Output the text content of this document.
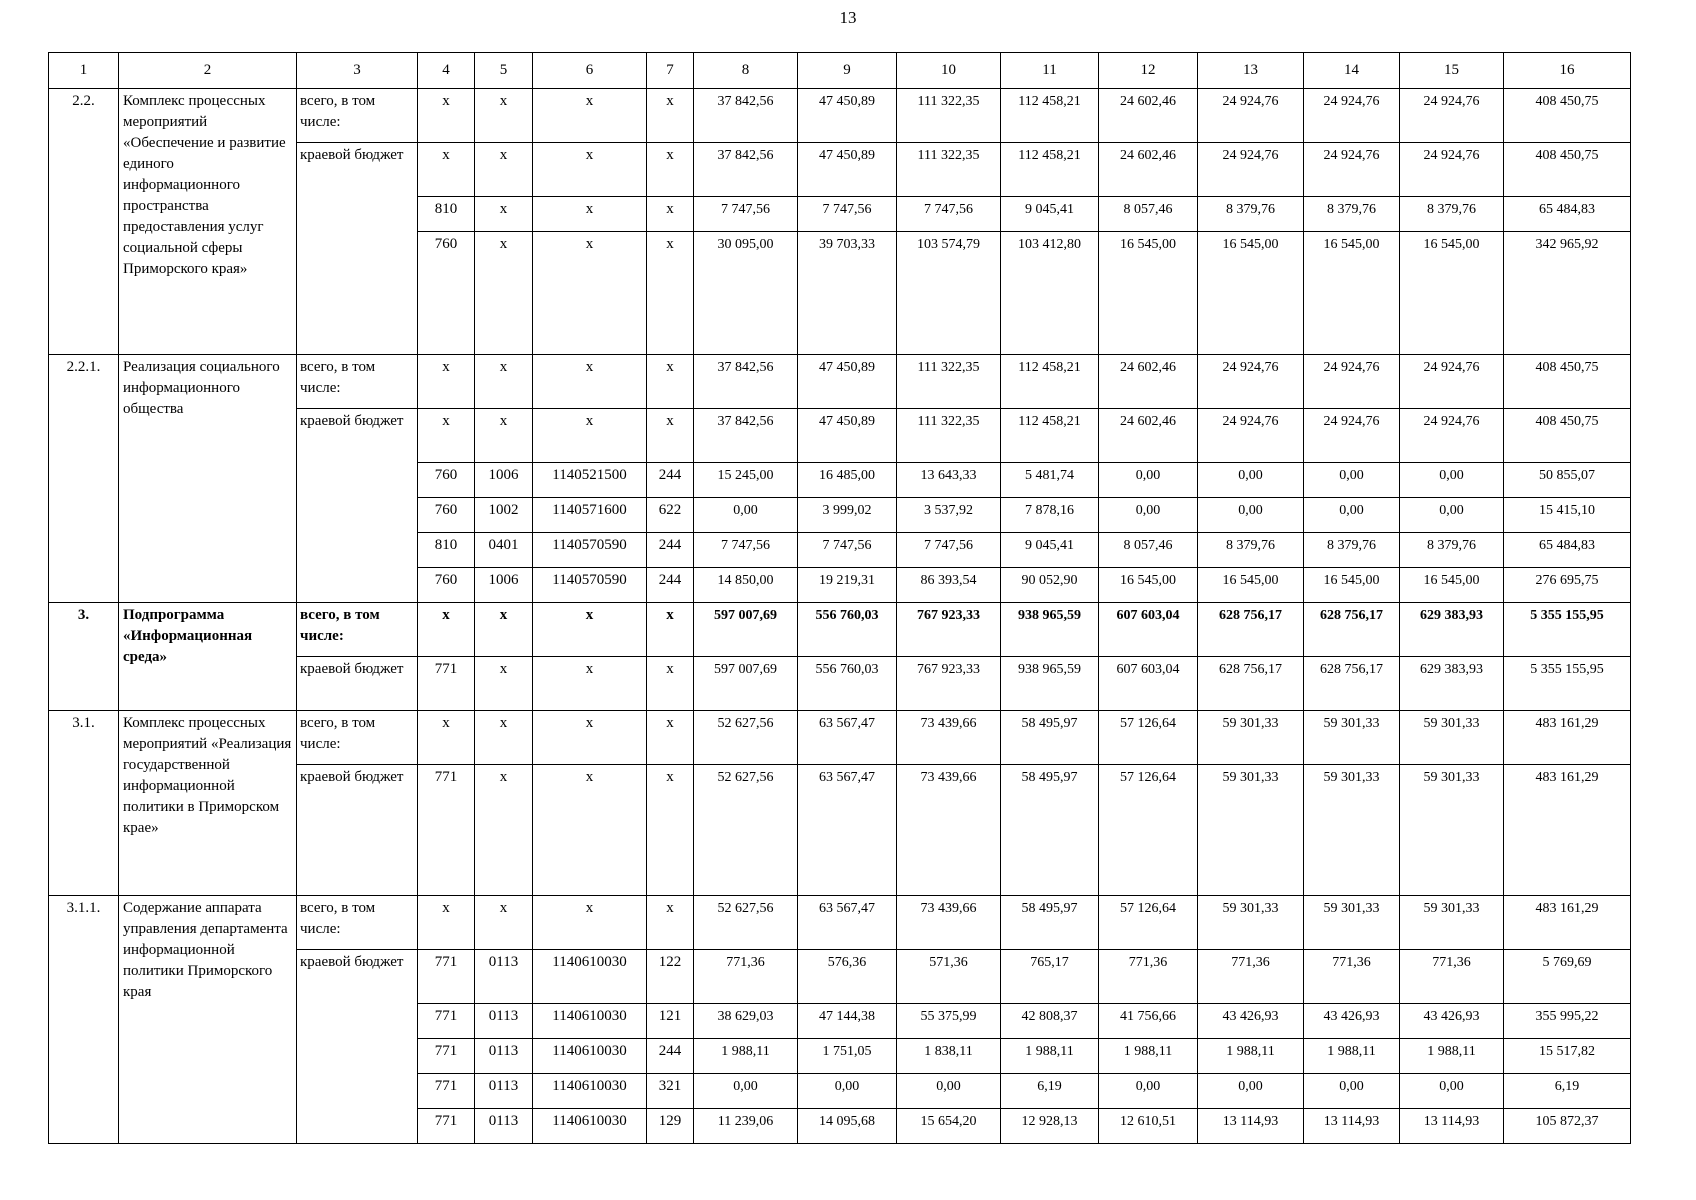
13
1	2	3	4	5	6	7	8	9	10	11	12	13	14	15	16
2.2.	Комплекс процессных мероприятий «Обеспечение и развитие единого информационного пространства предоставления услуг социальной сферы Приморского края»	всего, в том числе:	х	х	х	х	37 842,56	47 450,89	111 322,35	112 458,21	24 602,46	24 924,76	24 924,76	24 924,76	408 450,75
		краевой бюджет	х	х	х	х	37 842,56	47 450,89	111 322,35	112 458,21	24 602,46	24 924,76	24 924,76	24 924,76	408 450,75
			810	х	х	х	7 747,56	7 747,56	7 747,56	9 045,41	8 057,46	8 379,76	8 379,76	8 379,76	65 484,83
			760	х	х	х	30 095,00	39 703,33	103 574,79	103 412,80	16 545,00	16 545,00	16 545,00	16 545,00	342 965,92
2.2.1.	Реализация социального информационного общества	всего, в том числе:	х	х	х	х	37 842,56	47 450,89	111 322,35	112 458,21	24 602,46	24 924,76	24 924,76	24 924,76	408 450,75
		краевой бюджет	х	х	х	х	37 842,56	47 450,89	111 322,35	112 458,21	24 602,46	24 924,76	24 924,76	24 924,76	408 450,75
			760	1006	1140521500	244	15 245,00	16 485,00	13 643,33	5 481,74	0,00	0,00	0,00	0,00	50 855,07
			760	1002	1140571600	622	0,00	3 999,02	3 537,92	7 878,16	0,00	0,00	0,00	0,00	15 415,10
			810	0401	1140570590	244	7 747,56	7 747,56	7 747,56	9 045,41	8 057,46	8 379,76	8 379,76	8 379,76	65 484,83
			760	1006	1140570590	244	14 850,00	19 219,31	86 393,54	90 052,90	16 545,00	16 545,00	16 545,00	16 545,00	276 695,75
3.	Подпрограмма «Информационная среда»	всего, в том числе:	х	х	х	х	597 007,69	556 760,03	767 923,33	938 965,59	607 603,04	628 756,17	628 756,17	629 383,93	5 355 155,95
		краевой бюджет	771	х	х	х	597 007,69	556 760,03	767 923,33	938 965,59	607 603,04	628 756,17	628 756,17	629 383,93	5 355 155,95
3.1.	Комплекс процессных мероприятий «Реализация государственной информационной политики в Приморском крае»	всего, в том числе:	х	х	х	х	52 627,56	63 567,47	73 439,66	58 495,97	57 126,64	59 301,33	59 301,33	59 301,33	483 161,29
		краевой бюджет	771	х	х	х	52 627,56	63 567,47	73 439,66	58 495,97	57 126,64	59 301,33	59 301,33	59 301,33	483 161,29
3.1.1.	Содержание аппарата управления департамента информационной политики Приморского края	всего, в том числе:	х	х	х	х	52 627,56	63 567,47	73 439,66	58 495,97	57 126,64	59 301,33	59 301,33	59 301,33	483 161,29
		краевой бюджет	771	0113	1140610030	122	771,36	576,36	571,36	765,17	771,36	771,36	771,36	771,36	5 769,69
			771	0113	1140610030	121	38 629,03	47 144,38	55 375,99	42 808,37	41 756,66	43 426,93	43 426,93	43 426,93	355 995,22
			771	0113	1140610030	244	1 988,11	1 751,05	1 838,11	1 988,11	1 988,11	1 988,11	1 988,11	1 988,11	15 517,82
			771	0113	1140610030	321	0,00	0,00	0,00	6,19	0,00	0,00	0,00	0,00	6,19
			771	0113	1140610030	129	11 239,06	14 095,68	15 654,20	12 928,13	12 610,51	13 114,93	13 114,93	13 114,93	105 872,37
